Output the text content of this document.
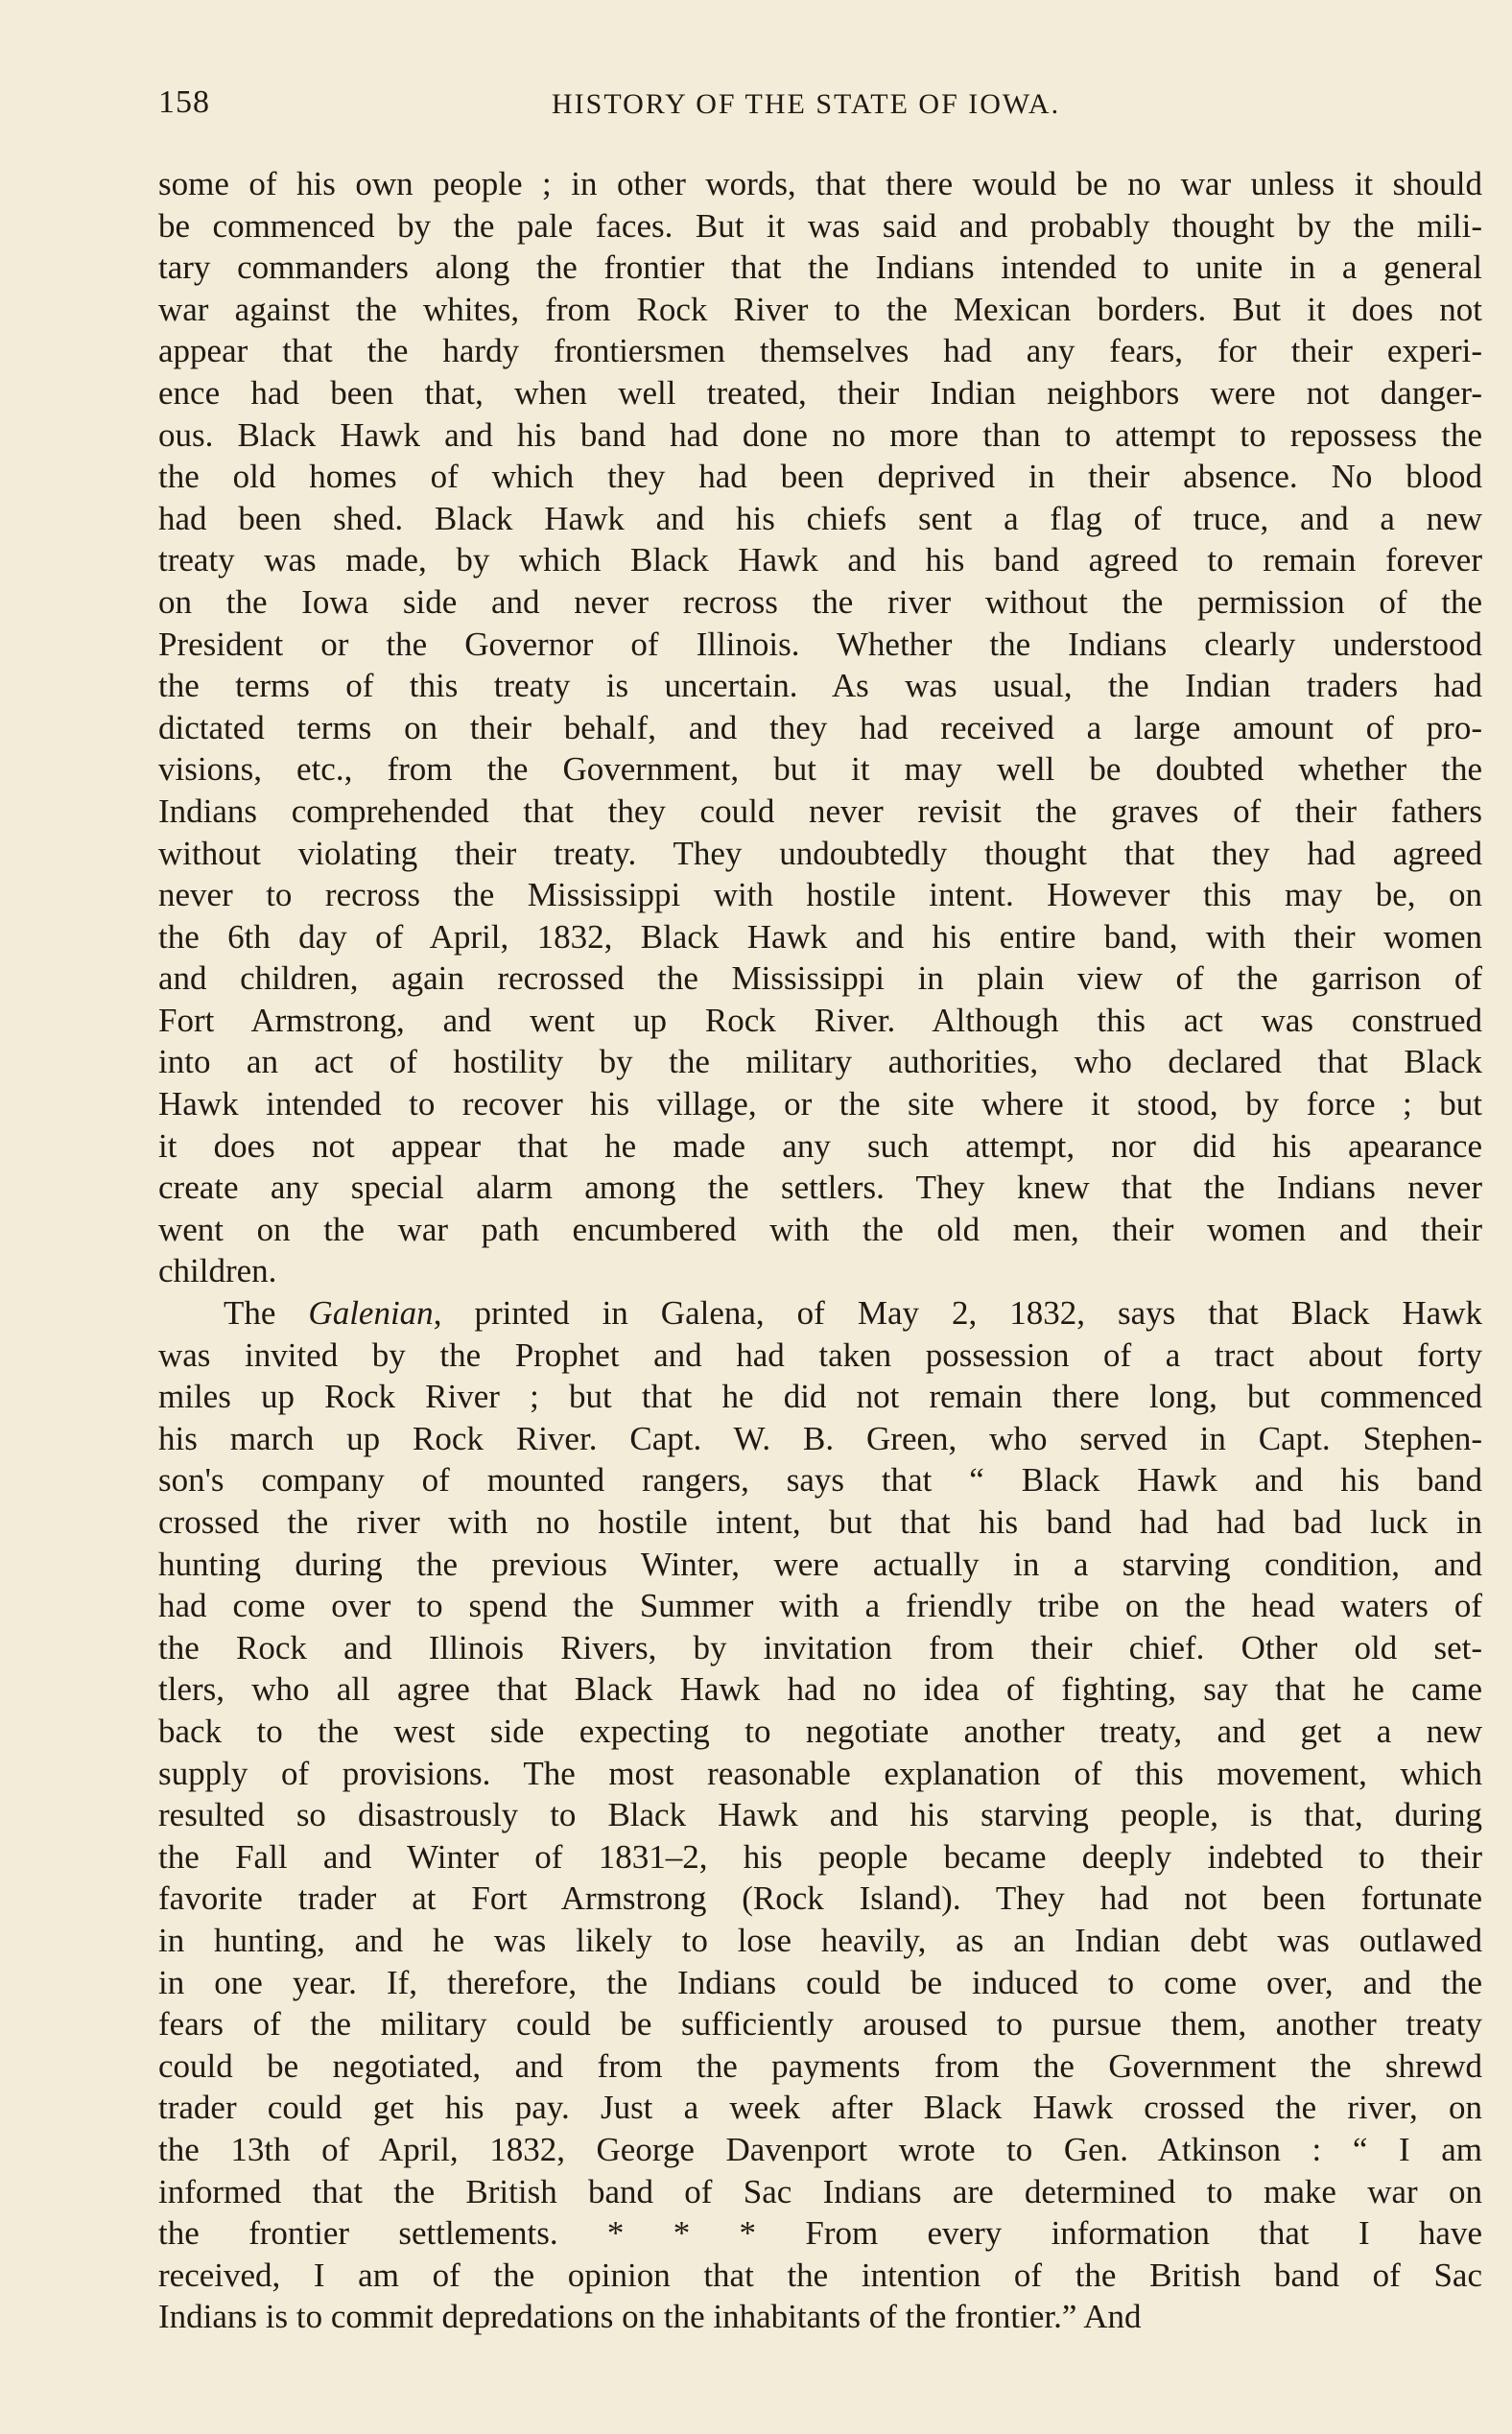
158	HISTORY OF THE STATE OF IOWA.
some of his own people ; in other words, that there would be no war unless it should
be commenced by the pale faces. But it was said and probably thought by the mili-
tary commanders along the frontier that the Indians intended to unite in a general
war against the whites, from Rock River to the Mexican borders. But it does not
appear that the hardy frontiersmen themselves had any fears, for their experi-
ence had been that, when well treated, their Indian neighbors were not danger-
ous. Black Hawk and his band had done no more than to attempt to repossess the
the old homes of which they had been deprived in their absence. No blood
had been shed. Black Hawk and his chiefs sent a flag of truce, and a new
treaty was made, by which Black Hawk and his band agreed to remain forever
on the Iowa side and never recross the river without the permission of the
President or the Governor of Illinois. Whether the Indians clearly understood
the terms of this treaty is uncertain. As was usual, the Indian traders had
dictated terms on their behalf, and they had received a large amount of pro-
visions, etc., from the Government, but it may well be doubted whether the
Indians comprehended that they could never revisit the graves of their fathers
without violating their treaty. They undoubtedly thought that they had agreed
never to recross the Mississippi with hostile intent. However this may be, on
the 6th day of April, 1832, Black Hawk and his entire band, with their women
and children, again recrossed the Mississippi in plain view of the garrison of
Fort Armstrong, and went up Rock River. Although this act was construed
into an act of hostility by the military authorities, who declared that Black
Hawk intended to recover his village, or the site where it stood, by force ; but
it does not appear that he made any such attempt, nor did his apearance
create any special alarm among the settlers. They knew that the Indians never
went on the war path encumbered with the old men, their women and their
children.
The Galenian, printed in Galena, of May 2, 1832, says that Black Hawk
was invited by the Prophet and had taken possession of a tract about forty
miles up Rock River ; but that he did not remain there long, but commenced
his march up Rock River. Capt. W. B. Green, who served in Capt. Stephen-
son's company of mounted rangers, says that “ Black Hawk and his band
crossed the river with no hostile intent, but that his band had had bad luck in
hunting during the previous Winter, were actually in a starving condition, and
had come over to spend the Summer with a friendly tribe on the head waters of
the Rock and Illinois Rivers, by invitation from their chief. Other old set-
tlers, who all agree that Black Hawk had no idea of fighting, say that he came
back to the west side expecting to negotiate another treaty, and get a new
supply of provisions. The most reasonable explanation of this movement, which
resulted so disastrously to Black Hawk and his starving people, is that, during
the Fall and Winter of 1831–2, his people became deeply indebted to their
favorite trader at Fort Armstrong (Rock Island). They had not been fortunate
in hunting, and he was likely to lose heavily, as an Indian debt was outlawed
in one year. If, therefore, the Indians could be induced to come over, and the
fears of the military could be sufficiently aroused to pursue them, another treaty
could be negotiated, and from the payments from the Government the shrewd
trader could get his pay. Just a week after Black Hawk crossed the river, on
the 13th of April, 1832, George Davenport wrote to Gen. Atkinson : “ I am
informed that the British band of Sac Indians are determined to make war on
the frontier settlements. * * * From every information that I have
received, I am of the opinion that the intention of the British band of Sac
Indians is to commit depredations on the inhabitants of the frontier.” And
